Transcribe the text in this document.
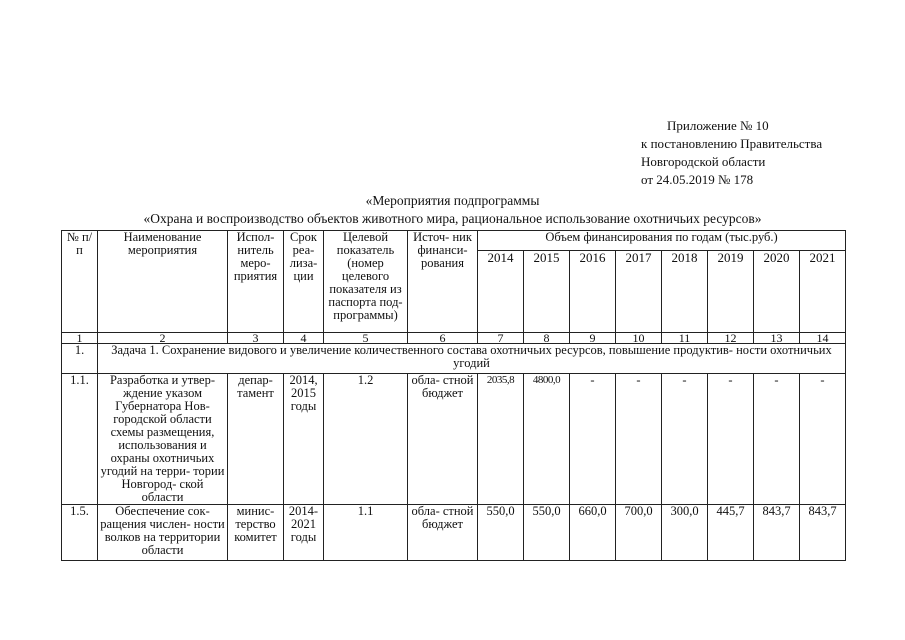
Приложение № 10
к постановлению Правительства
Новгородской области
от 24.05.2019 № 178
«Мероприятия подпрограммы
«Охрана и воспроизводство объектов животного мира, рациональное использование охотничьих ресурсов»
№ п/п	Наименование мероприятия	Испол- нитель меро- приятия	Срок реа- лиза- ции	Целевой показатель (номер целевого показателя из паспорта под- программы)	Источ- ник финанси- рования	Объем финансирования по годам (тыс.руб.)							
						2014	2015	2016	2017	2018	2019	2020	2021
1	2	3	4	5	6	7	8	9	10	11	12	13	14
1.	Задача 1. Сохранение видового и увеличение количественного состава охотничьих ресурсов, повышение продуктив- ности охотничьих угодий												
1.1.	Разработка и утвер- ждение указом Губернатора Нов- городской области схемы размещения, использования и охраны охотничьих угодий на терри- тории Новгород- ской области	депар- тамент	2014, 2015 годы	1.2	обла- стной бюджет	2035,8	4800,0	-	-	-	-	-	-
1.5.	Обеспечение сок- ращения числен- ности волков на территории области	минис- терство комитет	2014- 2021 годы	1.1	обла- стной бюджет	550,0	550,0	660,0	700,0	300,0	445,7	843,7	843,7
